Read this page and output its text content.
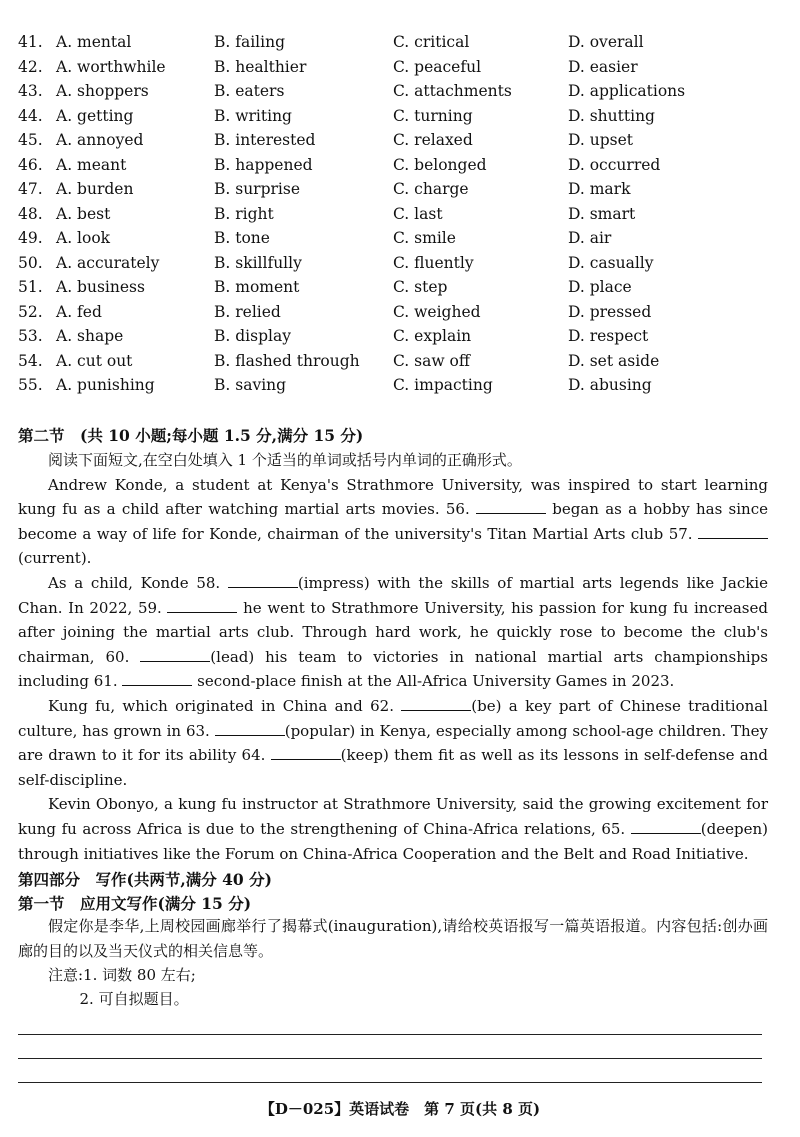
41. A. mental	B. failing	C. critical	D. overall
42. A. worthwhile	B. healthier	C. peaceful	D. easier
43. A. shoppers	B. eaters	C. attachments	D. applications
44. A. getting	B. writing	C. turning	D. shutting
45. A. annoyed	B. interested	C. relaxed	D. upset
46. A. meant	B. happened	C. belonged	D. occurred
47. A. burden	B. surprise	C. charge	D. mark
48. A. best	B. right	C. last	D. smart
49. A. look	B. tone	C. smile	D. air
50. A. accurately	B. skillfully	C. fluently	D. casually
51. A. business	B. moment	C. step	D. place
52. A. fed	B. relied	C. weighed	D. pressed
53. A. shape	B. display	C. explain	D. respect
54. A. cut out	B. flashed through C. saw off	D. set aside
55. A. punishing	B. saving	C. impacting	D. abusing
第二节　(共 10 小题;每小题 1.5 分,满分 15 分)

阅读下面短文,在空白处填入 1 个适当的单词或括号内单词的正确形式。

Andrew Konde, a student at Kenya's Strathmore University, was inspired to start learning kung fu as a child after watching martial arts movies. 56.	began as a hobby has since become a way of life for Konde, chairman of the university's Titan Martial Arts club 57. (current).

As a child, Konde 58.	(impress) with the skills of martial arts legends like Jackie Chan. In 2022, 59.	he went to Strathmore University, his passion for kung fu increased after joining the martial arts club. Through hard work, he quickly rose to become the club's chairman, 60.	(lead) his team to victories in national martial arts championships including 61.	second-place finish at the All-Africa University Games in 2023.

Kung fu, which originated in China and 62.	(be) a key part of Chinese traditional culture, has grown in 63.	(popular) in Kenya, especially among school-age children. They are drawn to it for its ability 64.	(keep) them fit as well as its lessons in self-defense and self-discipline.

Kevin Obonyo, a kung fu instructor at Strathmore University, said the growing excitement for kung fu across Africa is due to the strengthening of China-Africa relations, 65.	(deepen) through initiatives like the Forum on China-Africa Cooperation and the Belt and Road Initiative.

第四部分　写作(共两节,满分 40 分)
第一节　应用文写作(满分 15 分)

假定你是李华,上周校园画廊举行了揭幕式(inauguration),请给校英语报写一篇英语报道。内容包括:创办画廊的目的以及当天仪式的相关信息等。

注意:1. 词数 80 左右;
2. 可自拟题目。
【D－025】英语试卷　第 7 页(共 8 页)
